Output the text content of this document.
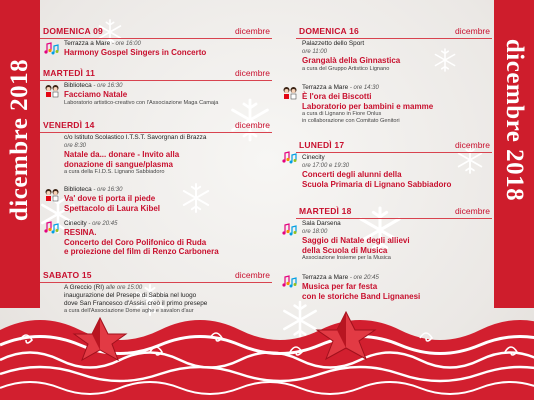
dicembre 2018	dicembre 2018
DOMENICA 09	dicembre
Terrazza a Mare - ore 16:00
Harmony Gospel Singers in Concerto
MARTEDÌ 11	dicembre
Biblioteca - ore 16:30
Facciamo Natale
Laboratorio artistico-creativo con l'Associazione Maga Camaja
VENERDÌ 14	dicembre
c/o Istituto Scolastico I.T.S.T. Savorgnan di Brazza
ore 8:30
Natale da... donare - Invito alla
donazione di sangue/plasma
a cura della F.I.D.S. Lignano Sabbiadoro
Biblioteca - ore 16:30
Va' dove ti porta il piede
Spettacolo di Laura Kibel
Cinecity - ore 20:45
RESINA.
Concerto del Coro Polifonico di Ruda
e proiezione del film di Renzo Carbonera
SABATO 15	dicembre
A Greccio (RI) alle ore 15:00
inaugurazione del Presepe di Sabbia nel luogo
dove San Francesco d'Assisi creò il primo presepe
a cura dell'Associazione Dome aghe e savalon d'aur
DOMENICA 16	dicembre
Palazzetto dello Sport
ore 11:00
Grangalà della Ginnastica
a cura del Gruppo Artistico Lignano
Terrazza a Mare - ore 14:30
È l'ora dei Biscotti
Laboratorio per bambini e mamme
a cura di Lignano in Fiore Onlus
in collaborazione con Comitato Genitori
LUNEDÌ 17	dicembre
Cinecity
ore 17:00 e 19:30
Concerti degli alunni della
Scuola Primaria di Lignano Sabbiadoro
MARTEDÌ 18	dicembre
Sala Darsena
ore 18:00
Saggio di Natale degli allievi
della Scuola di Musica
Associazione Insieme per la Musica
Terrazza a Mare - ore 20:45
Musica per far festa
con le storiche Band Lignanesi
